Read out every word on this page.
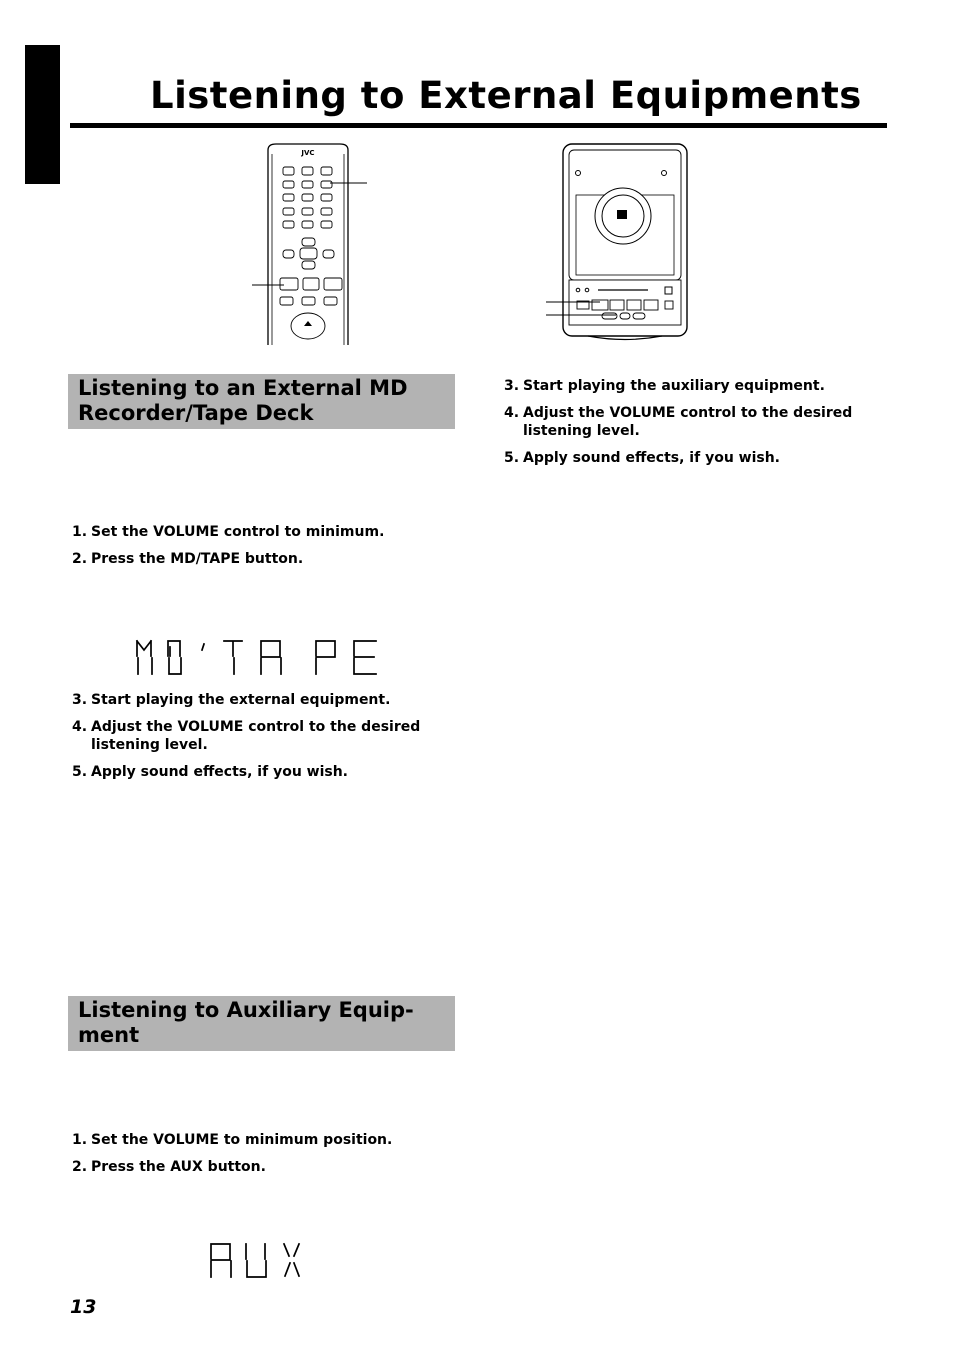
Listening to External Equipments
JVC
Listening to an External MD Recorder/Tape Deck
1. Set the VOLUME control to minimum.
2. Press the MD/TAPE button.
3. Start playing the external equipment.
4. Adjust the VOLUME control to the desired listening level.
5. Apply sound effects, if you wish.
Listening to Auxiliary Equip-ment
1. Set the VOLUME to minimum position.
2. Press the AUX button.
3. Start playing the auxiliary equipment.
4. Adjust the VOLUME control to the desired listening level.
5. Apply sound effects, if you wish.
13
